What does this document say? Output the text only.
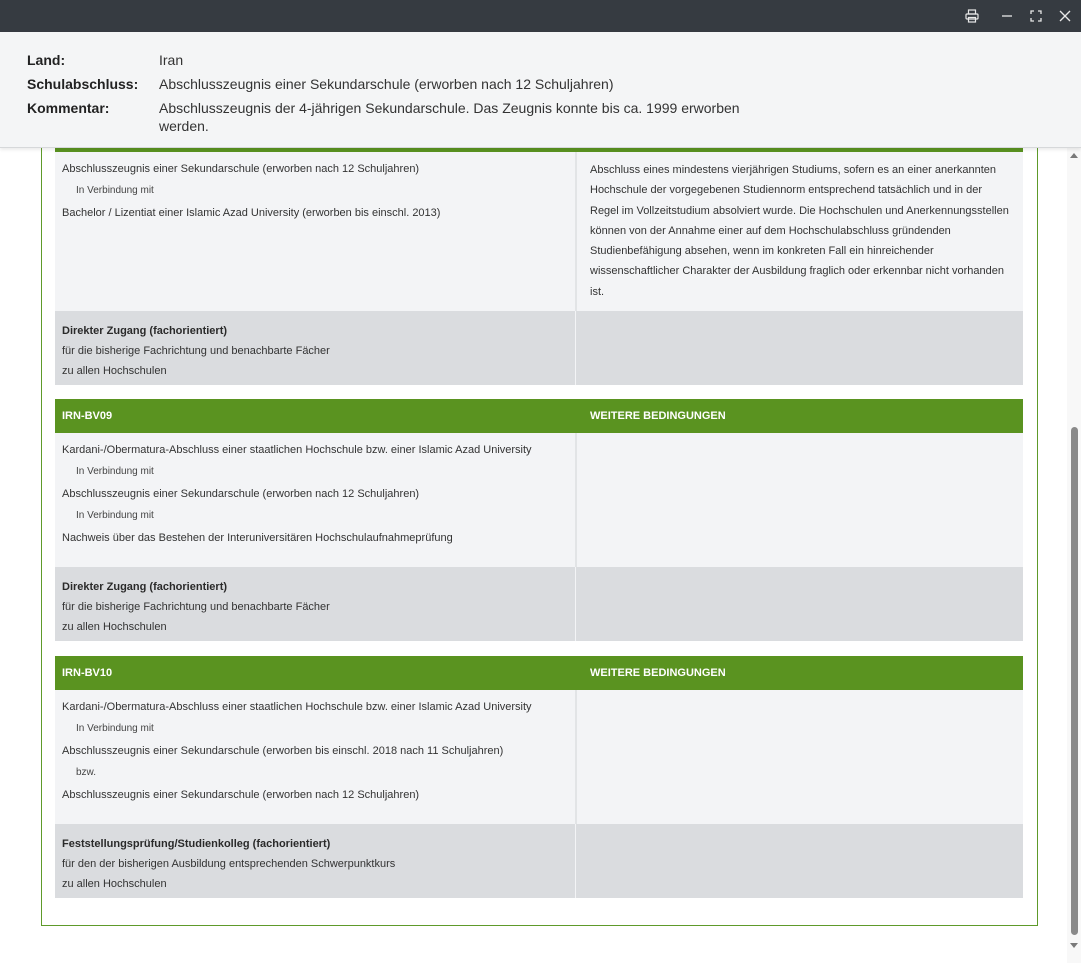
Land:	Iran
Schulabschluss:	Abschlusszeugnis einer Sekundarschule (erworben nach 12 Schuljahren)
Kommentar:	Abschlusszeugnis der 4-jährigen Sekundarschule. Das Zeugnis konnte bis ca. 1999 erworben werden.
Abschlusszeugnis einer Sekundarschule (erworben nach 12 Schuljahren)
In Verbindung mit
Bachelor / Lizentiat einer Islamic Azad University (erworben bis einschl. 2013)
Abschluss eines mindestens vierjährigen Studiums, sofern es an einer anerkannten Hochschule der vorgegebenen Studiennorm entsprechend tatsächlich und in der Regel im Vollzeitstudium absolviert wurde. Die Hochschulen und Anerkennungsstellen können von der Annahme einer auf dem Hochschulabschluss gründenden Studienbefähigung absehen, wenn im konkreten Fall ein hinreichender wissenschaftlicher Charakter der Ausbildung fraglich oder erkennbar nicht vorhanden ist.
Direkter Zugang (fachorientiert)
für die bisherige Fachrichtung und benachbarte Fächer
zu allen Hochschulen
IRN-BV09	WEITERE BEDINGUNGEN
Kardani-/Obermatura-Abschluss einer staatlichen Hochschule bzw. einer Islamic Azad University
In Verbindung mit
Abschlusszeugnis einer Sekundarschule (erworben nach 12 Schuljahren)
In Verbindung mit
Nachweis über das Bestehen der Interuniversitären Hochschulaufnahmeprüfung
Direkter Zugang (fachorientiert)
für die bisherige Fachrichtung und benachbarte Fächer
zu allen Hochschulen
IRN-BV10	WEITERE BEDINGUNGEN
Kardani-/Obermatura-Abschluss einer staatlichen Hochschule bzw. einer Islamic Azad University
In Verbindung mit
Abschlusszeugnis einer Sekundarschule (erworben bis einschl. 2018 nach 11 Schuljahren)
bzw.
Abschlusszeugnis einer Sekundarschule (erworben nach 12 Schuljahren)
Feststellungsprüfung/Studienkolleg (fachorientiert)
für den der bisherigen Ausbildung entsprechenden Schwerpunktkurs
zu allen Hochschulen
